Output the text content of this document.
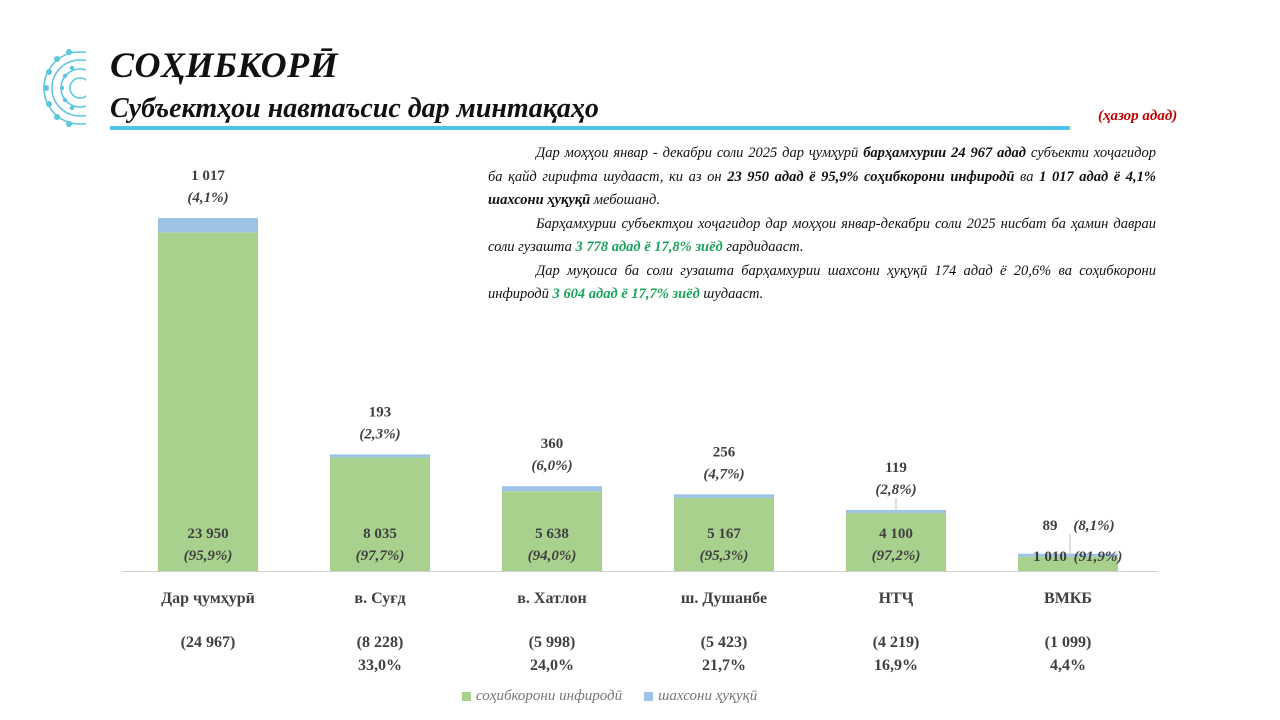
СОҲИБКОРӢ
Субъектҳои навтаъсис дар минтақаҳо	(ҳазор адад)

Дар моҳҳои январ - декабри соли 2025 дар ҷумҳурӣ барҳамхурии 24 967 адад субъекти хоҷагидор ба қайд гирифта шудааст, ки аз он 23 950 адад ё 95,9% соҳибкорони инфиродӣ ва 1 017 адад ё 4,1% шахсони ҳуқуқӣ мебошанд.

Барҳамхурии субъектҳои хоҷагидор дар моҳҳои январ-декабри соли 2025 нисбат ба ҳамин давраи соли гузашта 3 778 адад ё 17,8% зиёд гардидааст.

Дар муқоиса ба соли гузашта барҳамхурии шахсони ҳуқуқӣ 174 адад ё 20,6% ва соҳибкорони инфиродӣ 3 604 адад ё 17,7% зиёд шудааст.

23 950
(95,9%)
1 017
(4,1%)
Дар ҷумҳурӣ
(24 967)
8 035
(97,7%)
193
(2,3%)
в. Суғд
(8 228)
33,0%
5 638
(94,0%)
360
(6,0%)
в. Хатлон
(5 998)
24,0%
5 167
(95,3%)
256
(4,7%)
ш. Душанбе
(5 423)
21,7%
4 100
(97,2%)
119
(2,8%)
НТҶ
(4 219)
16,9%
89 (8,1%)
1 010 (91,9%)
ВМКБ
(1 099)
4,4%
соҳибкорони инфиродӣ шахсони ҳуқуқӣ
